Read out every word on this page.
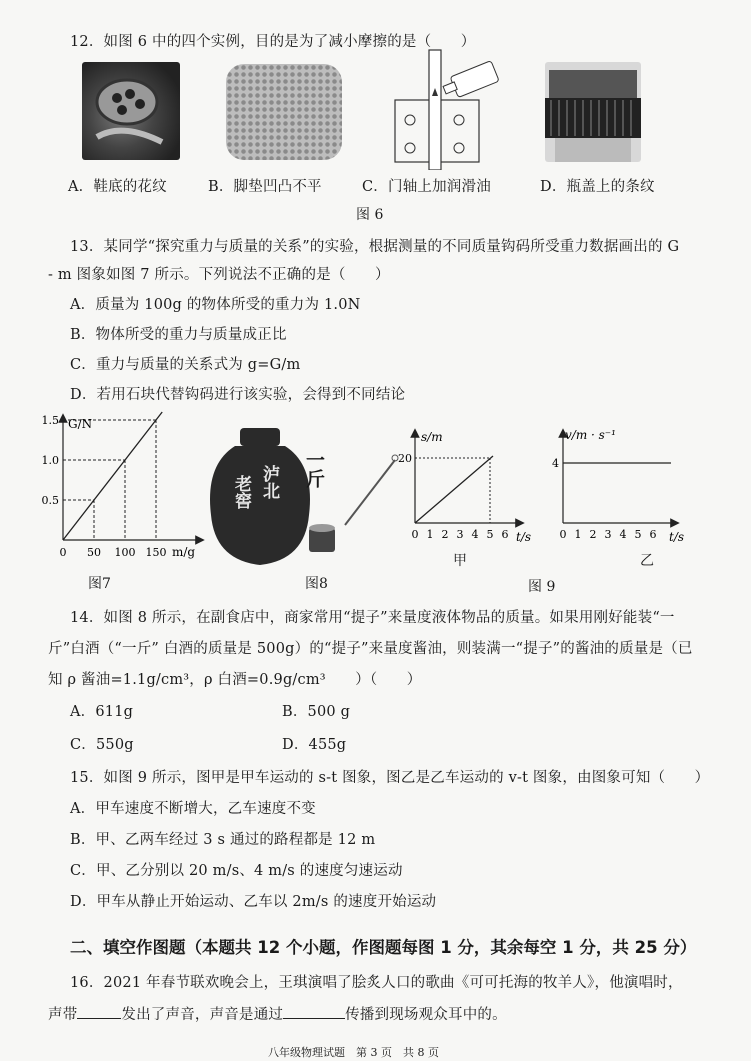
12．如图 6 中的四个实例，目的是为了减小摩擦的是（　　）
A．鞋底的花纹	B．脚垫凹凸不平	C．门轴上加润滑油	D．瓶盖上的条纹
图 6
13．某同学“探究重力与质量的关系”的实验，根据测量的不同质量钩码所受重力数据画出的 G
- m 图象如图 7 所示。下列说法不正确的是（　　）
A．质量为 100g 的物体所受的重力为 1.0N
B．物体所受的重力与质量成正比
C．重力与质量的关系式为 g=G/m
D．若用石块代替钩码进行该实验，会得到不同结论
0 50 100 150
0.5
1.0
1.5 G/N
m/g
图7
老窖 泸北 一斤
图8
0 1 2 3 4 5 6
20
s/m
t/s
甲
0 1 2 3 4 5 6
4
v/m · s⁻¹
t/s
乙
图 9
14．如图 8 所示，在副食店中，商家常用“提子”来量度液体物品的质量。如果用刚好能装“一
斤”白酒（“一斤” 白酒的质量是 500g）的“提子”来量度酱油，则装满一“提子”的酱油的质量是（已
知 ρ 酱油=1.1g/cm³，ρ 白酒=0.9g/cm³　　）（　　）
A．611g	B．500 g
C．550g	D．455g
15．如图 9 所示，图甲是甲车运动的 s-t 图象，图乙是乙车运动的 v-t 图象，由图象可知（　　）
A．甲车速度不断增大，乙车速度不变
B．甲、乙两车经过 3 s 通过的路程都是 12 m
C．甲、乙分别以 20 m/s、4 m/s 的速度匀速运动
D．甲车从静止开始运动、乙车以 2m/s 的速度开始运动
二、填空作图题（本题共 12 个小题，作图题每图 1 分，其余每空 1 分，共 25 分）
16．2021 年春节联欢晚会上，王琪演唱了脍炙人口的歌曲《可可托海的牧羊人》，他演唱时，
声带	发出了声音，声音是通过	传播到现场观众耳中的。
八年级物理试题　第 3 页　共 8 页
